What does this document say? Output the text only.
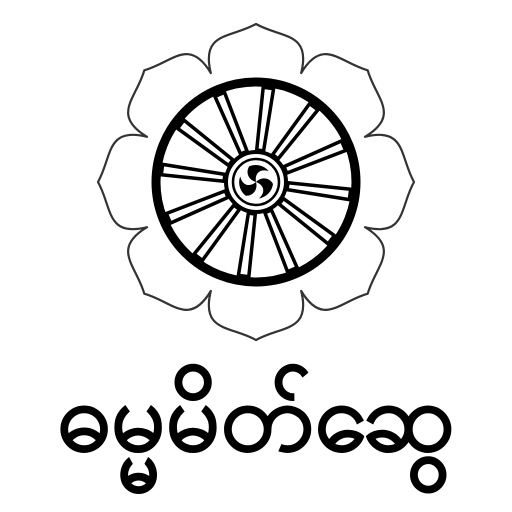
ဓမ္မမိတ်ဆွေ
